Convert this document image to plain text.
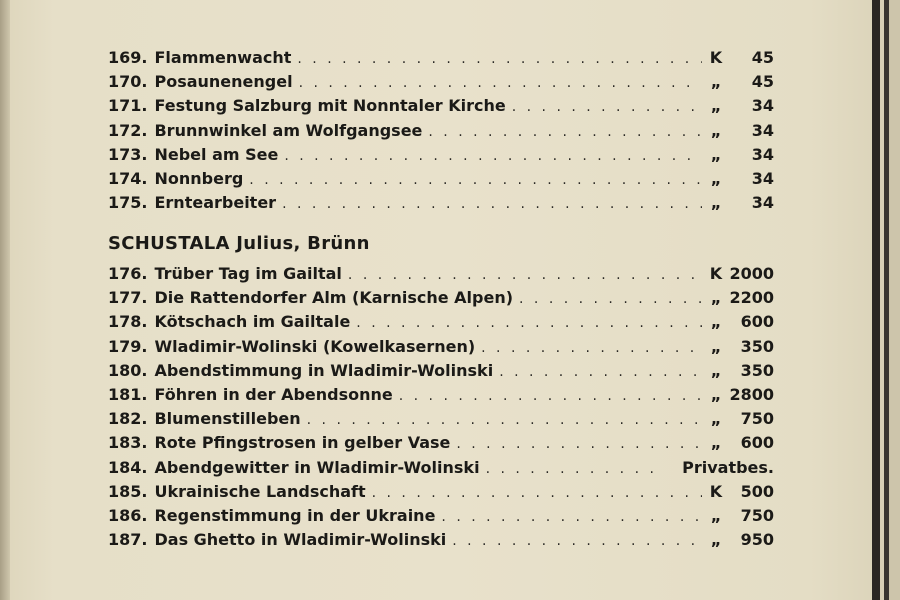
169. Flammenwacht . . .	K	45
170. Posaunenengel . . .	„	45
171. Festung Salzburg mit Nonntaler Kirche . . .	„	34
172. Brunnwinkel am Wolfgangsee . . .	„	34
173. Nebel am See . . .	„	34
174. Nonnberg . . .	„	34
175. Erntearbeiter . . .	„	34
SCHUSTALA Julius, Brünn
176. Trüber Tag im Gailtal . . .	K 2000
177. Die Rattendorfer Alm (Karnische Alpen) . . .	„ 2200
178. Kötschach im Gailtale . . .	„	600
179. Wladimir-Wolinski (Kowelkasernen) . . .	„	350
180. Abendstimmung in Wladimir-Wolinski . . .	„	350
181. Föhren in der Abendsonne . . .	„ 2800
182. Blumenstilleben . . .	„	750
183. Rote Pfingstrosen in gelber Vase . . .	„	600
184. Abendgewitter in Wladimir-Wolinski . . .	Privatbes.
185. Ukrainische Landschaft . . .	K	500
186. Regenstimmung in der Ukraine . . .	„	750
187. Das Ghetto in Wladimir-Wolinski . . .	„	950
